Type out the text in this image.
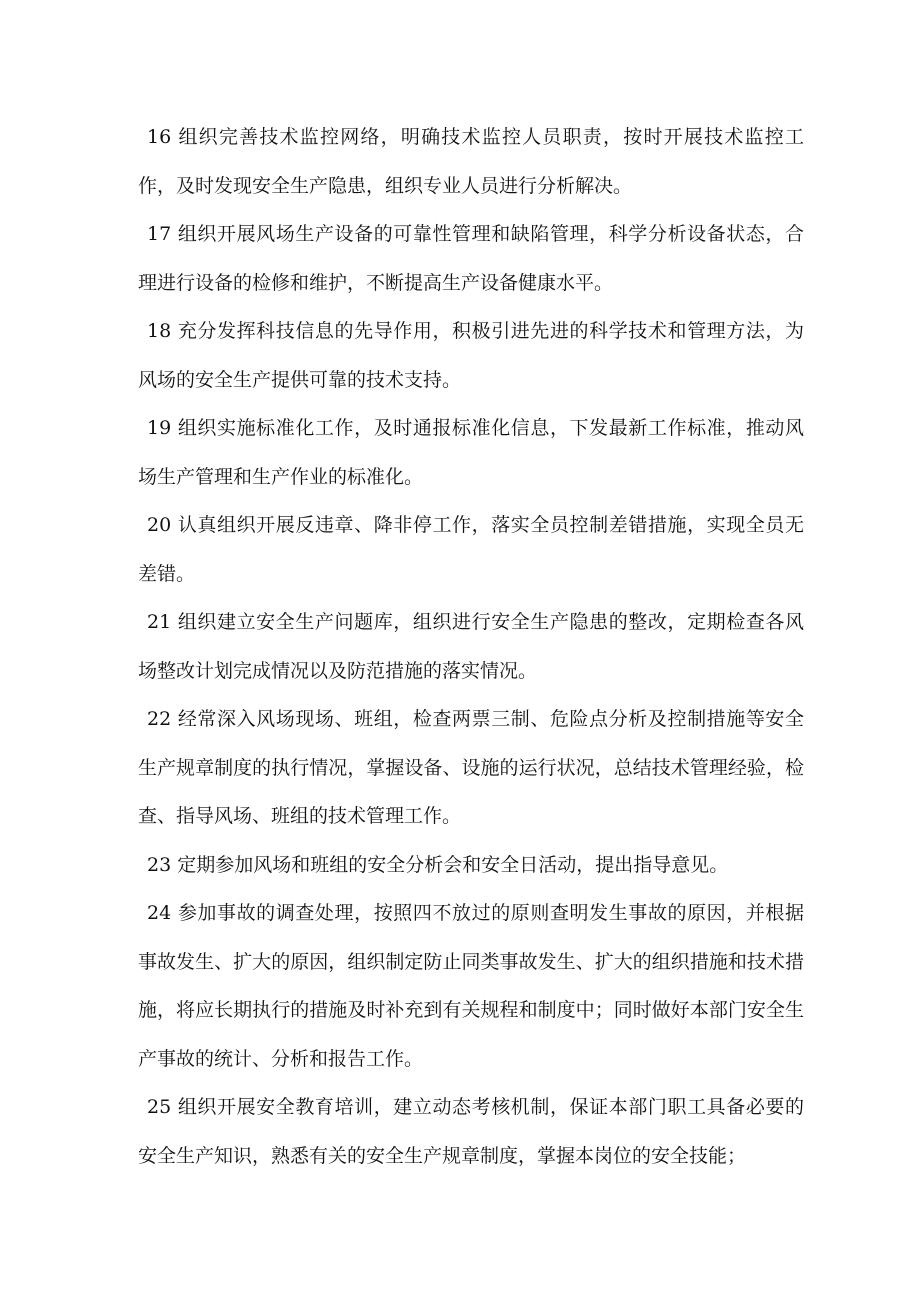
16 组织完善技术监控网络，明确技术监控人员职责，按时开展技术监控工作，及时发现安全生产隐患，组织专业人员进行分析解决。

17 组织开展风场生产设备的可靠性管理和缺陷管理，科学分析设备状态，合理进行设备的检修和维护，不断提高生产设备健康水平。

18 充分发挥科技信息的先导作用，积极引进先进的科学技术和管理方法，为风场的安全生产提供可靠的技术支持。

19 组织实施标准化工作，及时通报标准化信息，下发最新工作标准，推动风场生产管理和生产作业的标准化。

20 认真组织开展反违章、降非停工作，落实全员控制差错措施，实现全员无差错。

21 组织建立安全生产问题库，组织进行安全生产隐患的整改，定期检查各风场整改计划完成情况以及防范措施的落实情况。

22 经常深入风场现场、班组，检查两票三制、危险点分析及控制措施等安全生产规章制度的执行情况，掌握设备、设施的运行状况，总结技术管理经验，检查、指导风场、班组的技术管理工作。

23 定期参加风场和班组的安全分析会和安全日活动，提出指导意见。

24 参加事故的调查处理，按照四不放过的原则查明发生事故的原因，并根据事故发生、扩大的原因，组织制定防止同类事故发生、扩大的组织措施和技术措施，将应长期执行的措施及时补充到有关规程和制度中；同时做好本部门安全生产事故的统计、分析和报告工作。

25 组织开展安全教育培训，建立动态考核机制，保证本部门职工具备必要的安全生产知识，熟悉有关的安全生产规章制度，掌握本岗位的安全技能；
